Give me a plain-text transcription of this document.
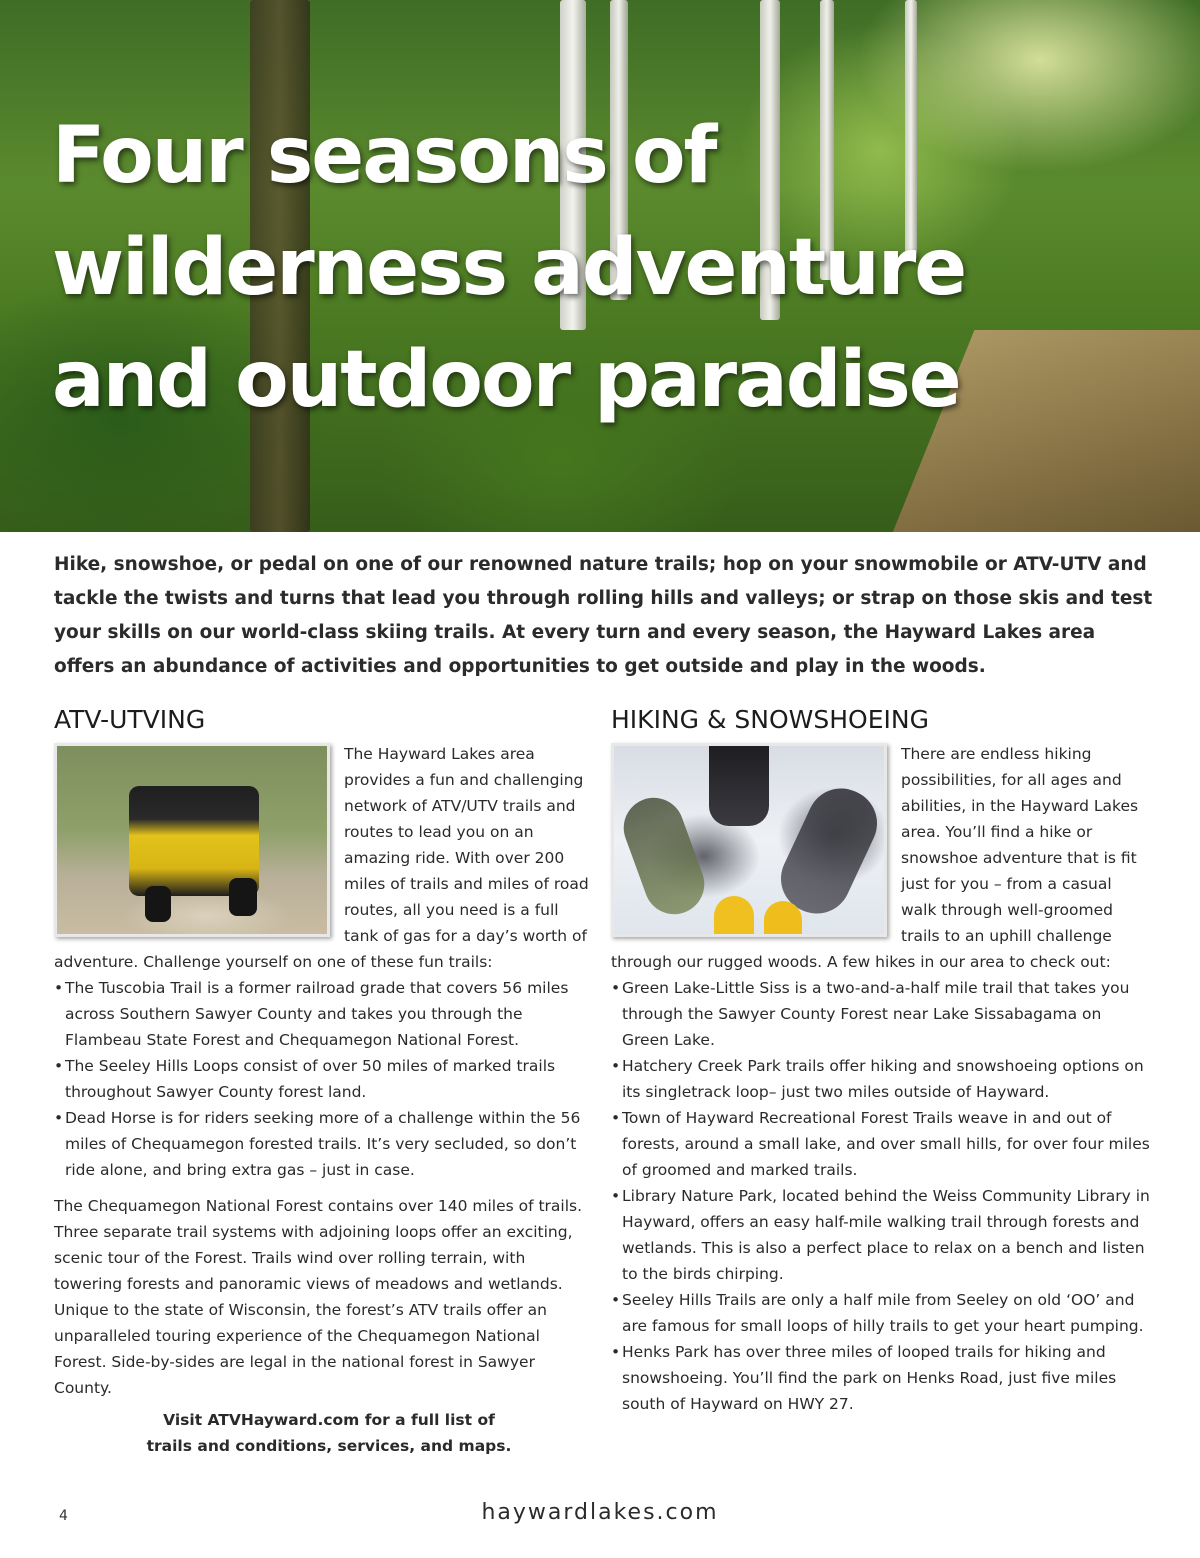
Four seasons of
wilderness adventure
and outdoor paradise

Hike, snowshoe, or pedal on one of our renowned nature trails; hop on your snowmobile or ATV-UTV and tackle the twists and turns that lead you through rolling hills and valleys; or strap on those skis and test your skills on our world-class skiing trails. At every turn and every season, the Hayward Lakes area offers an abundance of activities and opportunities to get outside and play in the woods.

ATV-UTVING

The Hayward Lakes area provides a fun and challenging network of ATV/UTV trails and routes to lead you on an amazing ride. With over 200 miles of trails and miles of road routes, all you need is a full tank of gas for a day’s worth of adventure. Challenge yourself on one of these fun trails:

• The Tuscobia Trail is a former railroad grade that covers 56 miles across Southern Sawyer County and takes you through the Flambeau State Forest and Chequamegon National Forest.
• The Seeley Hills Loops consist of over 50 miles of marked trails throughout Sawyer County forest land.
• Dead Horse is for riders seeking more of a challenge within the 56 miles of Chequamegon forested trails. It’s very secluded, so don’t ride alone, and bring extra gas – just in case.

The Chequamegon National Forest contains over 140 miles of trails. Three separate trail systems with adjoining loops offer an exciting, scenic tour of the Forest. Trails wind over rolling terrain, with towering forests and panoramic views of meadows and wetlands. Unique to the state of Wisconsin, the forest’s ATV trails offer an unparalleled touring experience of the Chequamegon National Forest. Side-by-sides are legal in the national forest in Sawyer County.

Visit ATVHayward.com for a full list of
trails and conditions, services, and maps.
HIKING & SNOWSHOEING

There are endless hiking possibilities, for all ages and abilities, in the Hayward Lakes area. You’ll find a hike or snowshoe adventure that is fit just for you – from a casual walk through well-groomed trails to an uphill challenge through our rugged woods. A few hikes in our area to check out:

• Green Lake-Little Siss is a two-and-a-half mile trail that takes you through the Sawyer County Forest near Lake Sissabagama on Green Lake.
• Hatchery Creek Park trails offer hiking and snowshoeing options on its singletrack loop– just two miles outside of Hayward.
• Town of Hayward Recreational Forest Trails weave in and out of forests, around a small lake, and over small hills, for over four miles of groomed and marked trails.
• Library Nature Park, located behind the Weiss Community Library in Hayward, offers an easy half-mile walking trail through forests and wetlands. This is also a perfect place to relax on a bench and listen to the birds chirping.
• Seeley Hills Trails are only a half mile from Seeley on old ‘OO’ and are famous for small loops of hilly trails to get your heart pumping.
• Henks Park has over three miles of looped trails for hiking and snowshoeing. You’ll find the park on Henks Road, just five miles south of Hayward on HWY 27.
4	haywardlakes.com
